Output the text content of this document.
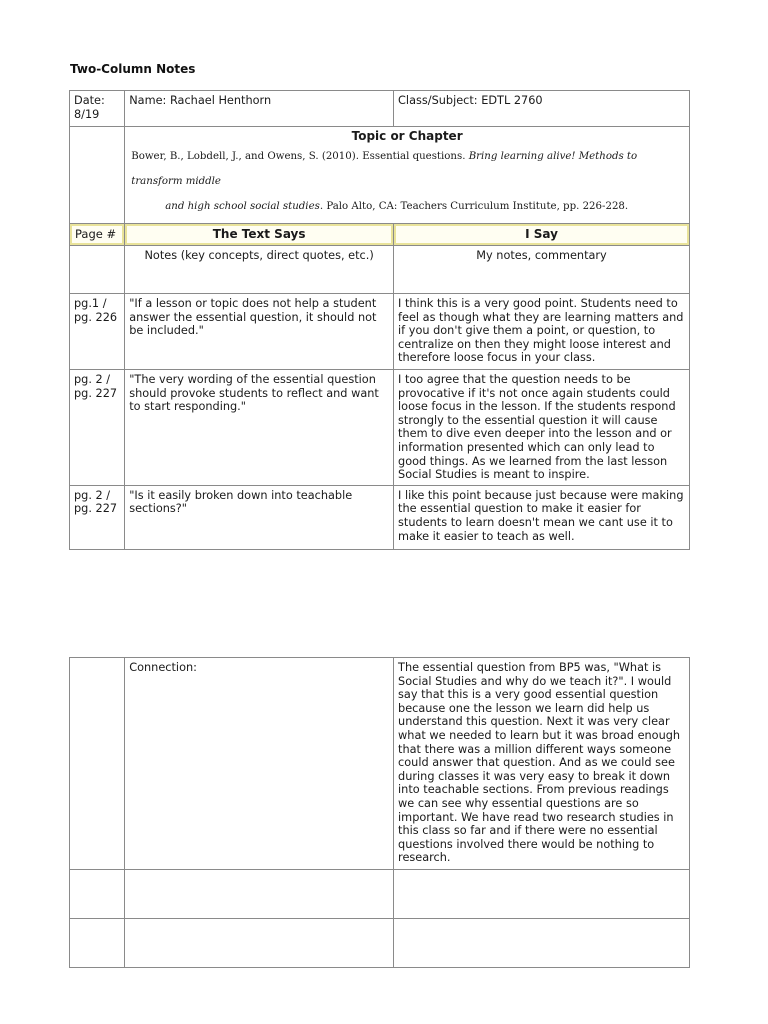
Two-Column Notes
Date: 8/19	Name: Rachael Henthorn	Class/Subject: EDTL 2760

	Topic or Chapter
Bower, B., Lobdell, J., and Owens, S. (2010). Essential questions. Bring learning alive! Methods to transform middle
and high school social studies. Palo Alto, CA: Teachers Curriculum Institute, pp. 226-228.	

Page #	The Text Says	I Say

	Notes (key concepts, direct quotes, etc.)	My notes, commentary
pg.1 / pg. 226	"If a lesson or topic does not help a student answer the essential question, it should not be included."	I think this is a very good point. Students need to feel as though what they are learning matters and if you don't give them a point, or question, to centralize on then they might loose interest and therefore loose focus in your class.
pg. 2 / pg. 227	"The very wording of the essential question should provoke students to reflect and want to start responding."	I too agree that the question needs to be provocative if it's not once again students could loose focus in the lesson. If the students respond strongly to the essential question it will cause them to dive even deeper into the lesson and or information presented which can only lead to good things. As we learned from the last lesson Social Studies is meant to inspire.
pg. 2 / pg. 227	"Is it easily broken down into teachable sections?"	I like this point because just because were making the essential question to make it easier for students to learn doesn't mean we cant use it to make it easier to teach as well.
	Connection:	The essential question from BP5 was, "What is Social Studies and why do we teach it?". I would say that this is a very good essential question because one the lesson we learn did help us understand this question. Next it was very clear what we needed to learn but it was broad enough that there was a million different ways someone could answer that question. And as we could see during classes it was very easy to break it down into teachable sections. From previous readings we can see why essential questions are so important. We have read two research studies in this class so far and if there were no essential questions involved there would be nothing to research.
